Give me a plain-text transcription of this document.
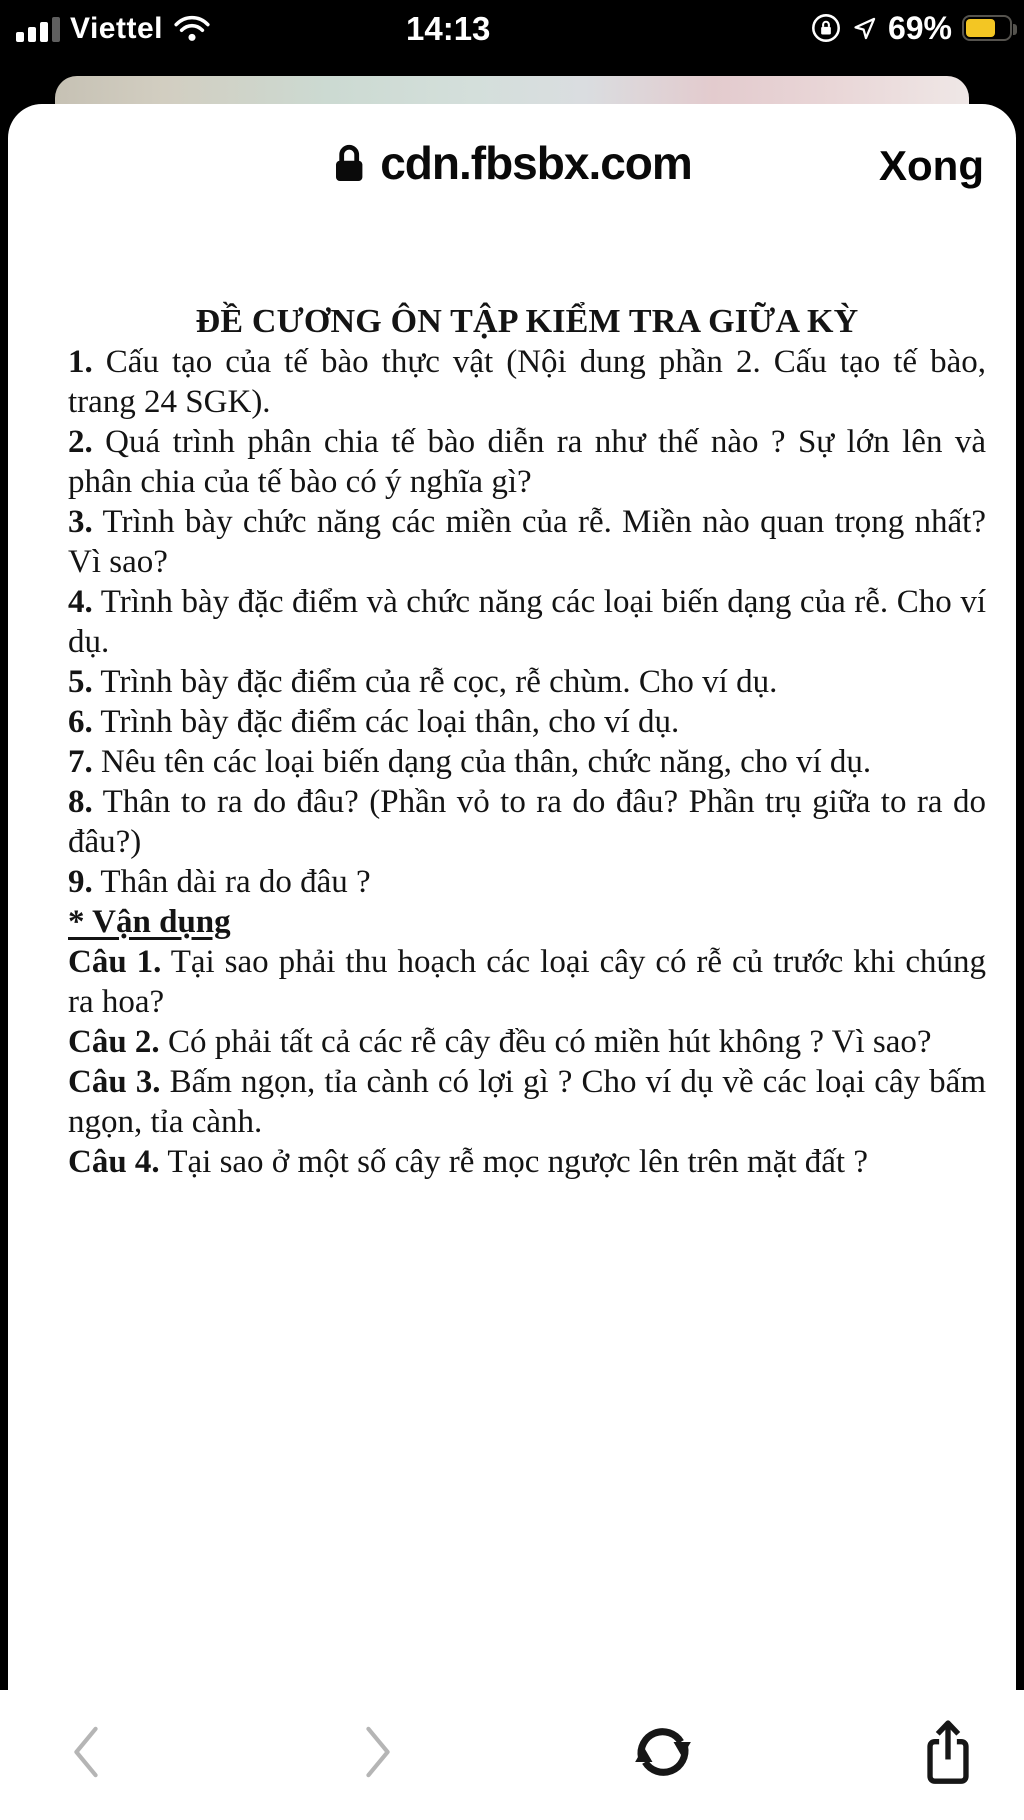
Viettel	14:13	69%
cdn.fbsbx.com	Xong

ĐỀ CƯƠNG ÔN TẬP KIỂM TRA GIỮA KỲ

1. Cấu tạo của tế bào thực vật (Nội dung phần 2. Cấu tạo tế bào, trang 24 SGK).

2. Quá trình phân chia tế bào diễn ra như thế nào ? Sự lớn lên và phân chia của tế bào có ý nghĩa gì?

3. Trình bày chức năng các miền của rễ. Miền nào quan trọng nhất? Vì sao?

4. Trình bày đặc điểm và chức năng các loại biến dạng của rễ. Cho ví dụ.

5. Trình bày đặc điểm của rễ cọc, rễ chùm. Cho ví dụ.

6. Trình bày đặc điểm các loại thân, cho ví dụ.

7. Nêu tên các loại biến dạng của thân, chức năng, cho ví dụ.

8. Thân to ra do đâu? (Phần vỏ to ra do đâu? Phần trụ giữa to ra do đâu?)

9. Thân dài ra do đâu ?

* Vận dụng

Câu 1. Tại sao phải thu hoạch các loại cây có rễ củ trước khi chúng ra hoa?

Câu 2. Có phải tất cả các rễ cây đều có miền hút không ? Vì sao?

Câu 3. Bấm ngọn, tỉa cành có lợi gì ? Cho ví dụ về các loại cây bấm ngọn, tỉa cành.

Câu 4. Tại sao ở một số cây rễ mọc ngược lên trên mặt đất ?
